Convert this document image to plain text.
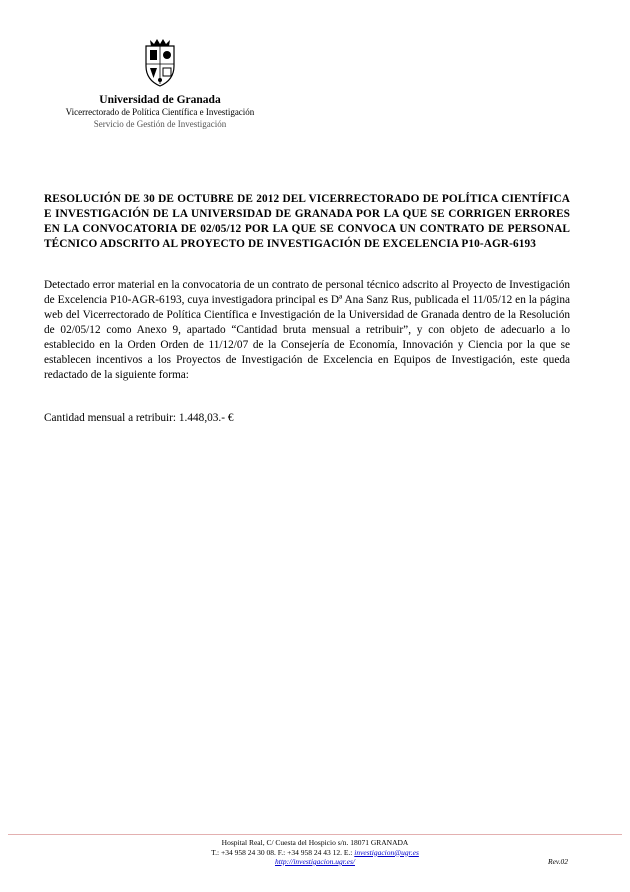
Universidad de Granada
Vicerrectorado de Política Científica e Investigación
Servicio de Gestión de Investigación
RESOLUCIÓN DE 30 DE OCTUBRE DE 2012 DEL VICERRECTORADO DE POLÍTICA CIENTÍFICA E INVESTIGACIÓN DE LA UNIVERSIDAD DE GRANADA POR LA QUE SE CORRIGEN ERRORES EN LA CONVOCATORIA DE 02/05/12 POR LA QUE SE CONVOCA UN CONTRATO DE PERSONAL TÉCNICO ADSCRITO AL PROYECTO DE INVESTIGACIÓN DE EXCELENCIA P10-AGR-6193
Detectado error material en la convocatoria de un contrato de personal técnico adscrito al Proyecto de Investigación de Excelencia P10-AGR-6193, cuya investigadora principal es Dª Ana Sanz Rus, publicada el 11/05/12 en la página web del Vicerrectorado de Política Científica e Investigación de la Universidad de Granada dentro de la Resolución de 02/05/12 como Anexo 9, apartado “Cantidad bruta mensual a retribuir”, y con objeto de adecuarlo a lo establecido en la Orden Orden de 11/12/07 de la Consejería de Economía, Innovación y Ciencia por la que se establecen incentivos a los Proyectos de Investigación de Excelencia en Equipos de Investigación, este queda redactado de la siguiente forma:
Cantidad mensual a retribuir: 1.448,03.- €
Hospital Real, C/ Cuesta del Hospicio s/n. 18071 GRANADA
T.: +34 958 24 30 08. F.: +34 958 24 43 12. E.: investigacion@ugr.es
http://investigacion.ugr.es/	Rev.02
